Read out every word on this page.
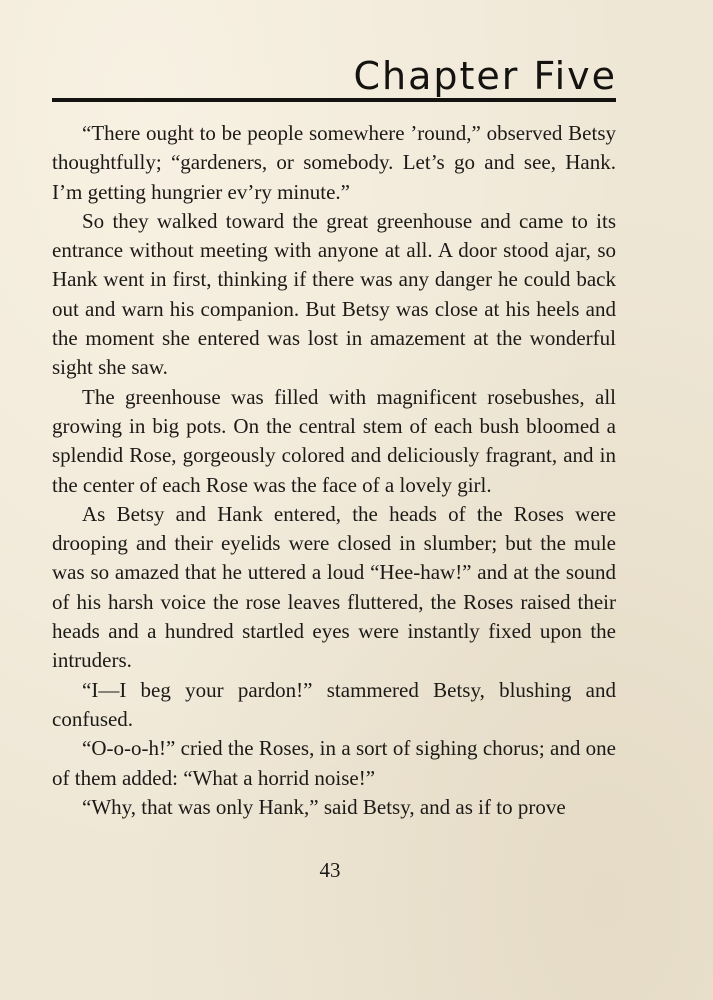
Chapter Five

“There ought to be people somewhere ’round,” observed Betsy thoughtfully; “gardeners, or somebody. Let’s go and see, Hank. I’m getting hungrier ev’ry minute.”

So they walked toward the great greenhouse and came to its entrance without meeting with anyone at all. A door stood ajar, so Hank went in first, thinking if there was any danger he could back out and warn his companion. But Betsy was close at his heels and the moment she entered was lost in amazement at the wonderful sight she saw.

The greenhouse was filled with magnificent rosebushes, all growing in big pots. On the central stem of each bush bloomed a splendid Rose, gorgeously colored and deliciously fragrant, and in the center of each Rose was the face of a lovely girl.

As Betsy and Hank entered, the heads of the Roses were drooping and their eyelids were closed in slumber; but the mule was so amazed that he uttered a loud “Hee-haw!” and at the sound of his harsh voice the rose leaves fluttered, the Roses raised their heads and a hundred startled eyes were instantly fixed upon the intruders.

“I—I beg your pardon!” stammered Betsy, blushing and confused.

“O-o-o-h!” cried the Roses, in a sort of sighing chorus; and one of them added: “What a horrid noise!”

“Why, that was only Hank,” said Betsy, and as if to prove

43
